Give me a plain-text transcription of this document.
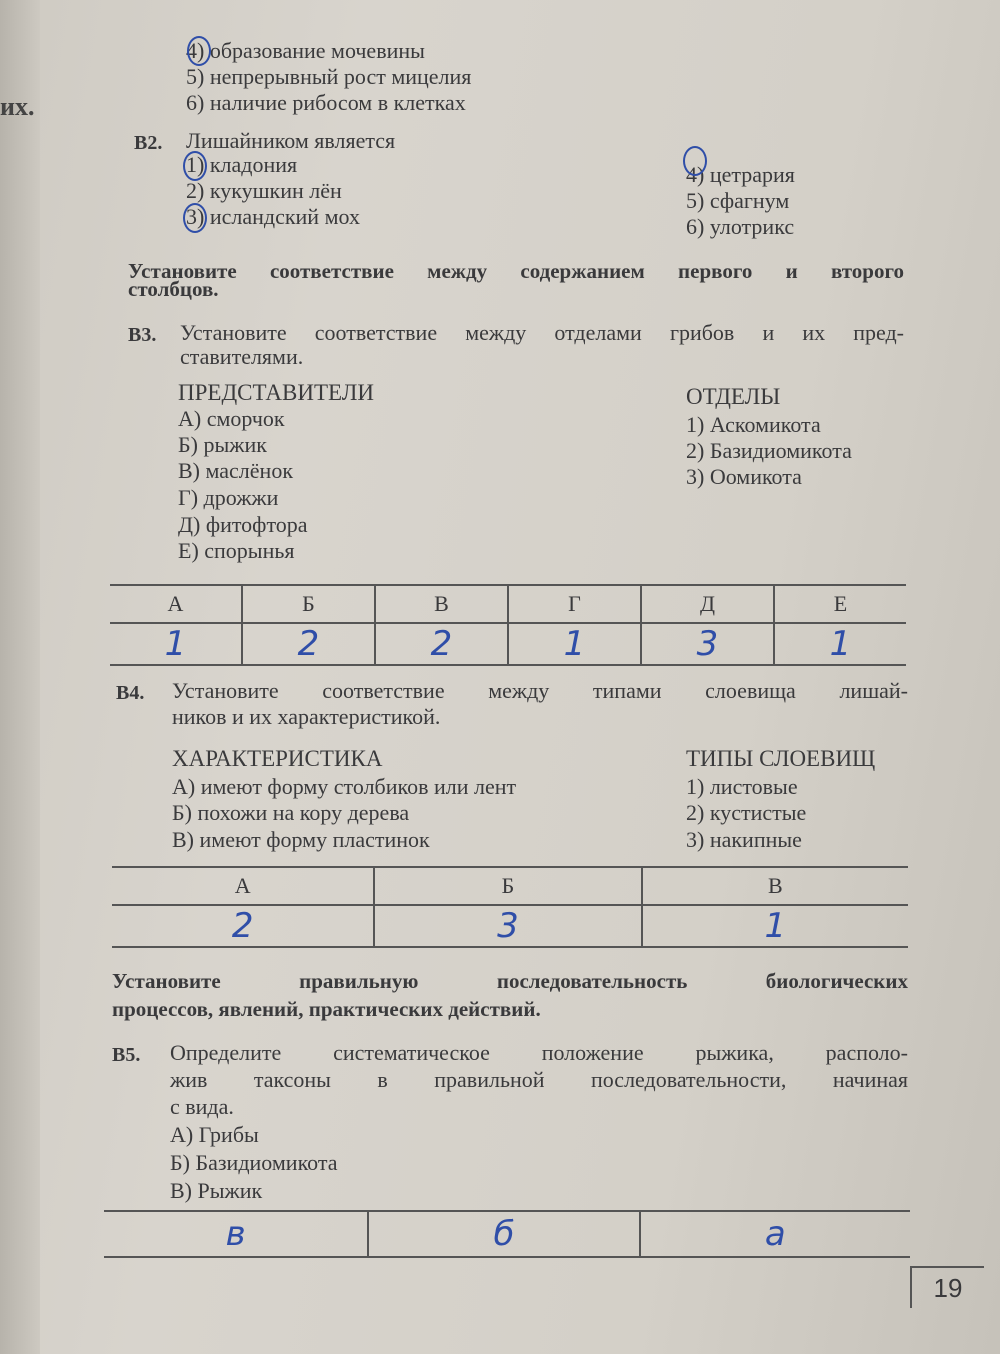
их.
4) образование мочевины
5) непрерывный рост мицелия
6) наличие рибосом в клетках
В2. Лишайником является
1) кладония
2) кукушкин лён
3) исландский мох
4) цетрария
5) сфагнум
6) улотрикс
Установите соответствие между содержанием первого и второго
столбцов.
В3. Установите соответствие между отделами грибов и их пред-
ставителями.
ПРЕДСТАВИТЕЛИ
А) сморчок
Б) рыжик
В) маслёнок
Г) дрожжи
Д) фитофтора
Е) спорынья
ОТДЕЛЫ
1) Аскомикота
2) Базидиомикота
3) Оомикота
А	Б	В	Г	Д	Е
1	2	2	1	3	1
В4. Установите соответствие между типами слоевища лишай-
ников и их характеристикой.
ХАРАКТЕРИСТИКА
А) имеют форму столбиков или лент
Б) похожи на кору дерева
В) имеют форму пластинок
ТИПЫ СЛОЕВИЩ
1) листовые
2) кустистые
3) накипные
А	Б	В
2	3	1
Установите правильную последовательность биологических
процессов, явлений, практических действий.
В5. Определите систематическое положение рыжика, располо-
жив таксоны в правильной последовательности, начиная
с вида.
А) Грибы
Б) Базидиомикота
В) Рыжик
в	б	а
19
